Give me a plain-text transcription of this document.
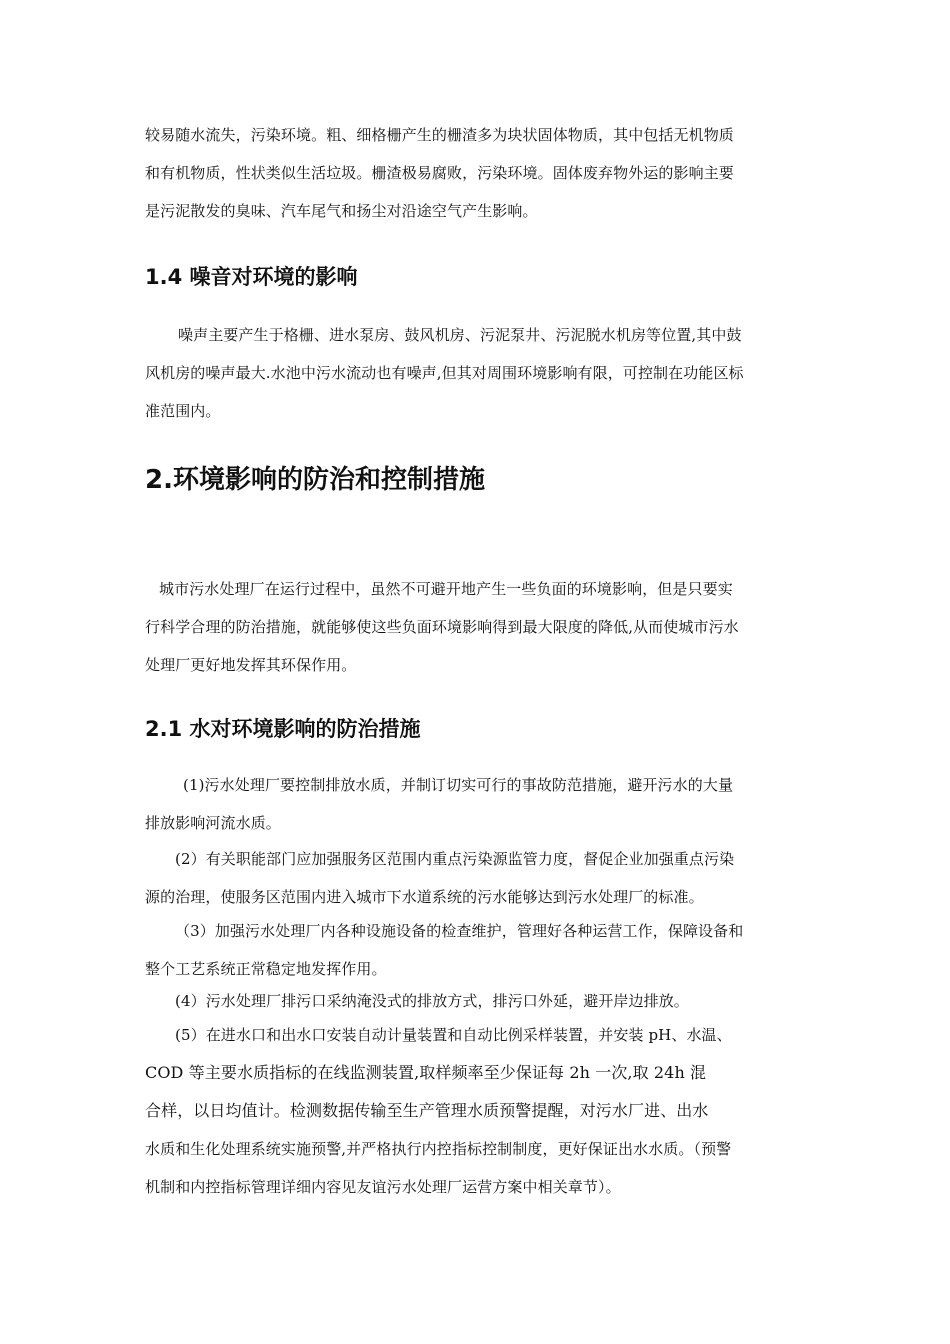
较易随水流失，污染环境。粗、细格栅产生的栅渣多为块状固体物质，其中包括无机物质
和有机物质，性状类似生活垃圾。栅渣极易腐败，污染环境。固体废弃物外运的影响主要
是污泥散发的臭味、汽车尾气和扬尘对沿途空气产生影响。
1.4 噪音对环境的影响
噪声主要产生于格栅、进水泵房、鼓风机房、污泥泵井、污泥脱水机房等位置,其中鼓
风机房的噪声最大.水池中污水流动也有噪声,但其对周围环境影响有限，可控制在功能区标
准范围内。
2.环境影响的防治和控制措施
城市污水处理厂在运行过程中，虽然不可避开地产生一些负面的环境影响，但是只要实
行科学合理的防治措施，就能够使这些负面环境影响得到最大限度的降低,从而使城市污水
处理厂更好地发挥其环保作用。
2.1 水对环境影响的防治措施
(1)污水处理厂要控制排放水质，并制订切实可行的事故防范措施，避开污水的大量
排放影响河流水质。
(2）有关职能部门应加强服务区范围内重点污染源监管力度，督促企业加强重点污染
源的治理，使服务区范围内进入城市下水道系统的污水能够达到污水处理厂的标准。
（3）加强污水处理厂内各种设施设备的检查维护，管理好各种运营工作，保障设备和
整个工艺系统正常稳定地发挥作用。
(4）污水处理厂排污口采纳淹没式的排放方式，排污口外延，避开岸边排放。
(5）在进水口和出水口安装自动计量装置和自动比例采样装置，并安装 pH、水温、
COD 等主要水质指标的在线监测装置,取样频率至少保证每 2h 一次,取 24h 混
合样，以日均值计。检测数据传输至生产管理水质预警提醒，对污水厂进、出水
水质和生化处理系统实施预警,并严格执行内控指标控制制度，更好保证出水水质。（预警
机制和内控指标管理详细内容见友谊污水处理厂运营方案中相关章节）。
